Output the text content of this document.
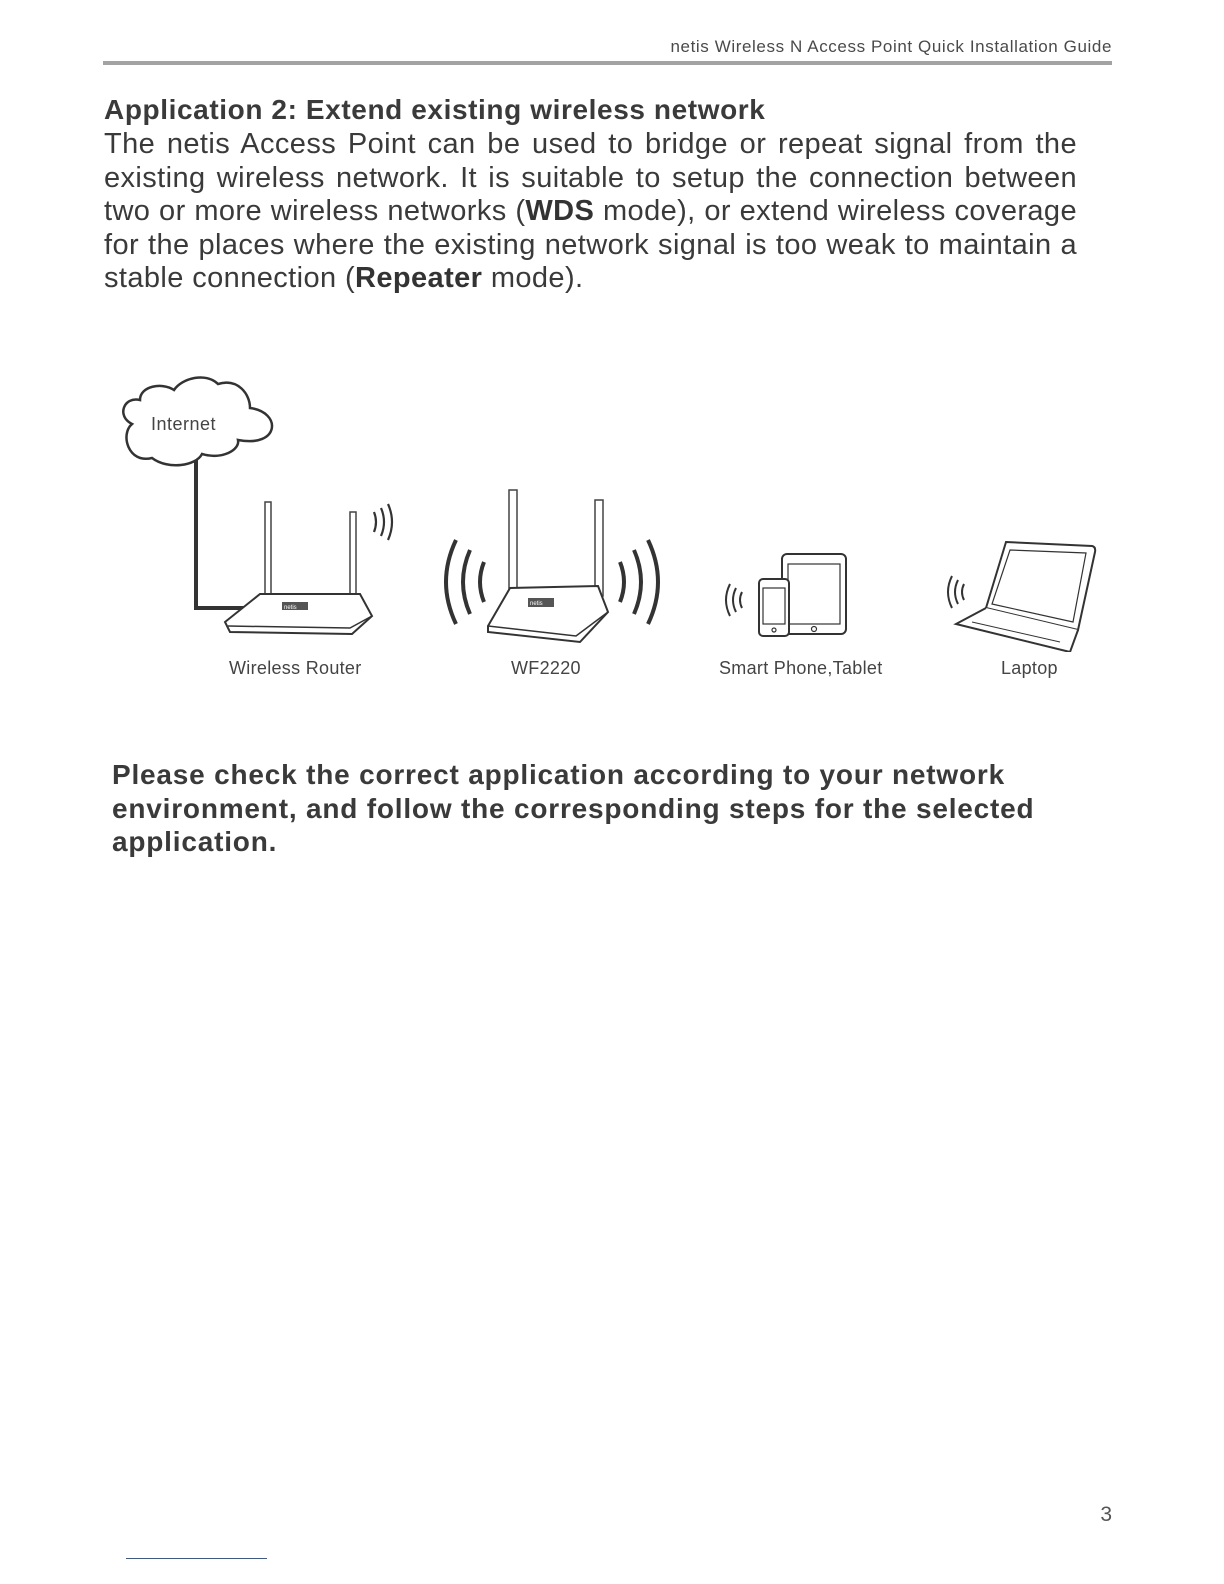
netis Wireless N Access Point Quick Installation Guide
Application 2: Extend existing wireless network

The netis Access Point can be used to bridge or repeat signal from the existing wireless network. It is suitable to setup the connection between two or more wireless networks (WDS mode), or extend wireless coverage for the places where the existing network signal is too weak to maintain a stable connection (Repeater mode).

Internet
netis
netis
Wireless Router	WF2220	Smart Phone,Tablet	Laptop

Please check the correct application according to your network environment, and follow the corresponding steps for the selected application.

3
